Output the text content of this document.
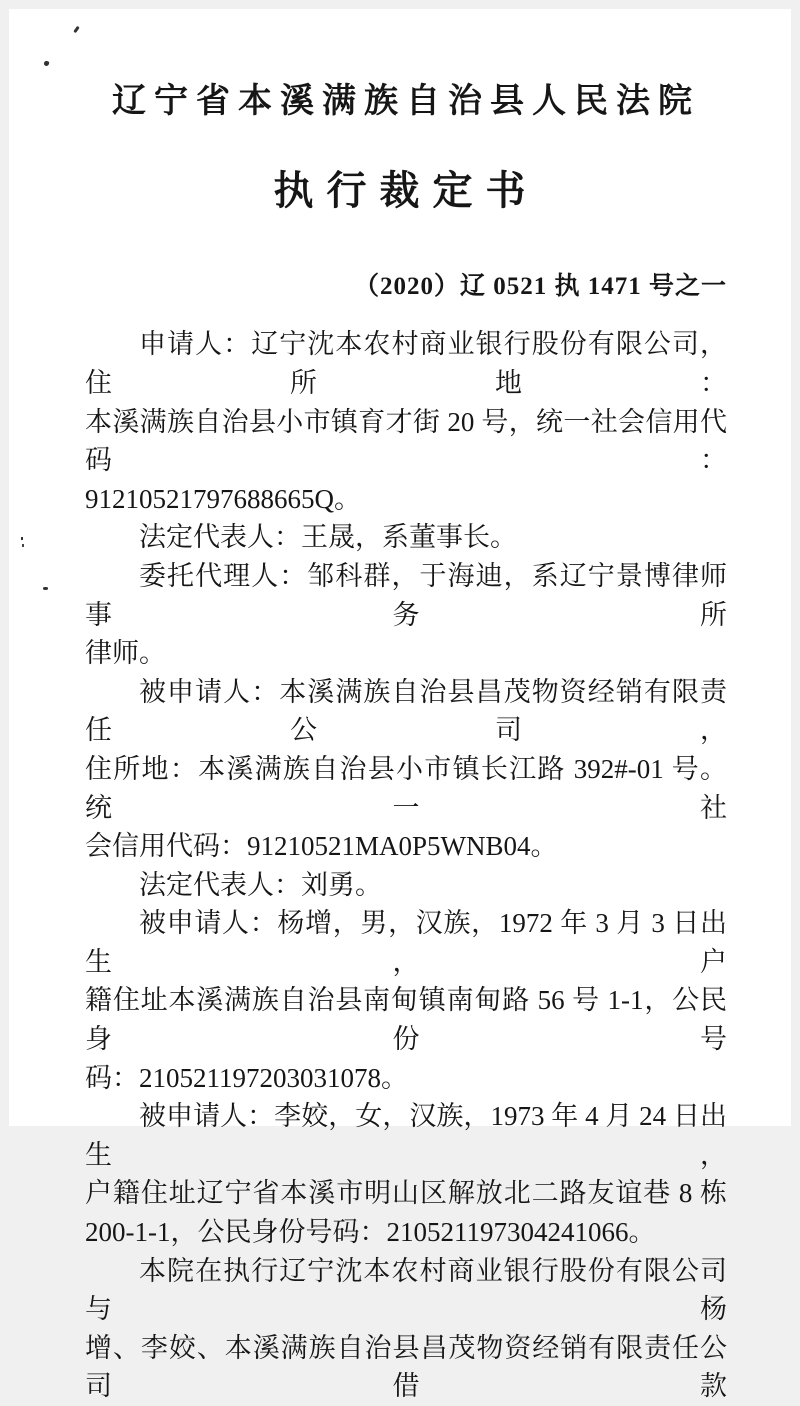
辽宁省本溪满族自治县人民法院
执行裁定书
（2020）辽 0521 执 1471 号之一
申请人：辽宁沈本农村商业银行股份有限公司，住所地：
本溪满族自治县小市镇育才街 20 号，统一社会信用代码：
91210521797688665Q。
法定代表人：王晟，系董事长。
委托代理人：邹科群，于海迪，系辽宁景博律师事务所
律师。
被申请人：本溪满族自治县昌茂物资经销有限责任公司，
住所地：本溪满族自治县小市镇长江路 392#-01 号。统一社
会信用代码：91210521MA0P5WNB04。
法定代表人：刘勇。
被申请人：杨增，男，汉族，1972 年 3 月 3 日出生，户
籍住址本溪满族自治县南甸镇南甸路 56 号 1-1，公民身份号
码：210521197203031078。
被申请人：李姣，女，汉族，1973 年 4 月 24 日出生，
户籍住址辽宁省本溪市明山区解放北二路友谊巷 8 栋
200-1-1，公民身份号码：210521197304241066。
本院在执行辽宁沈本农村商业银行股份有限公司与杨
增、李姣、本溪满族自治县昌茂物资经销有限责任公司借款
